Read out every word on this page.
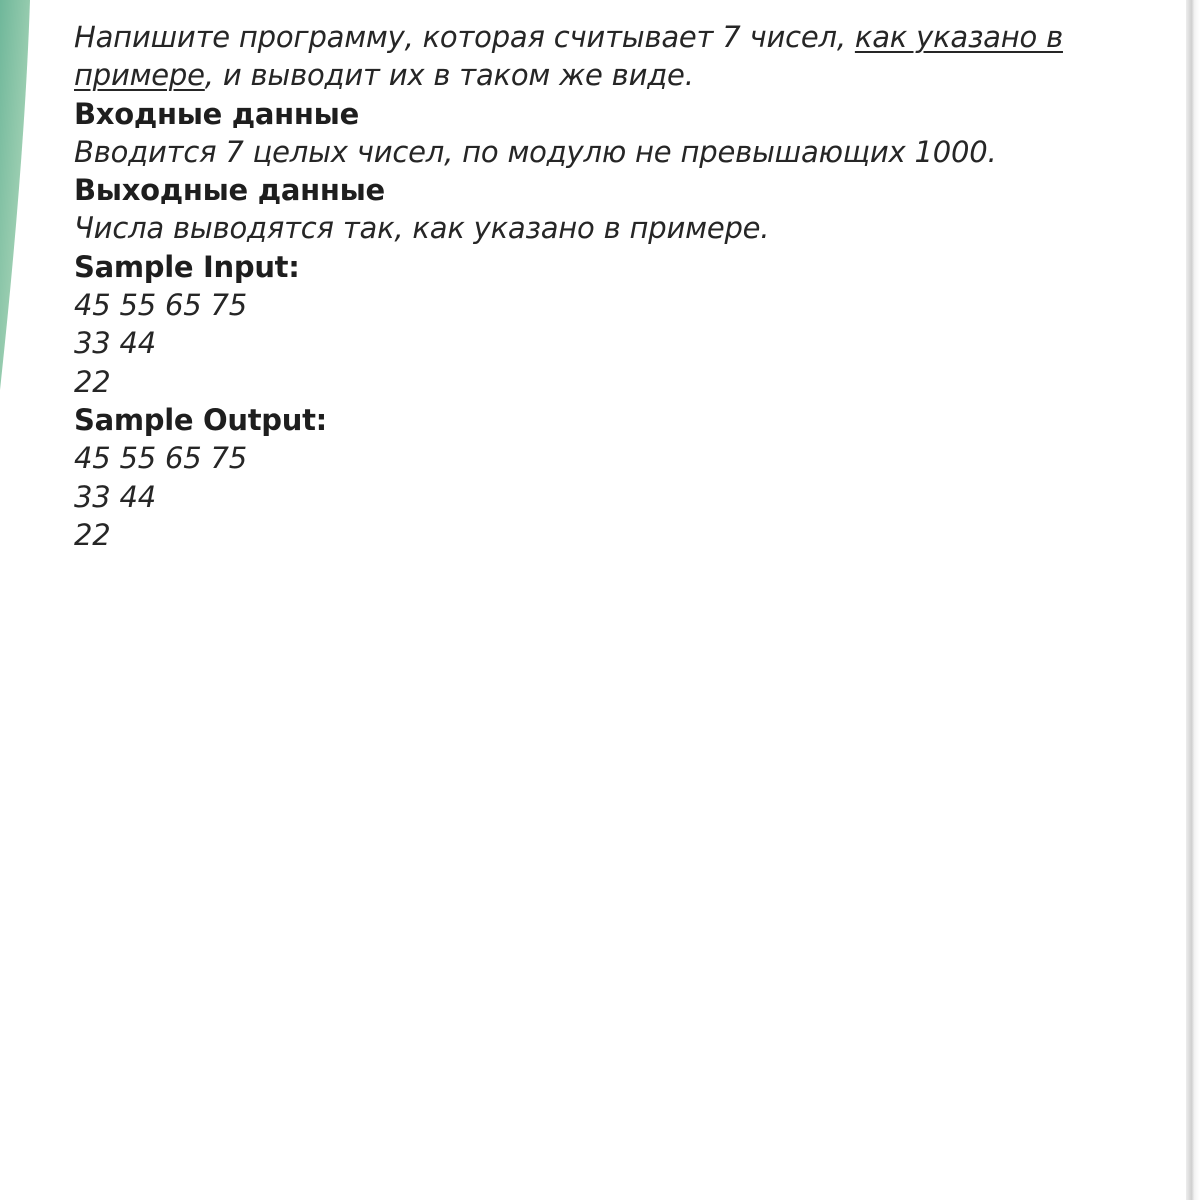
Напишите программу, которая считывает 7 чисел, как указано в

примере, и выводит их в таком же виде.

Входные данные

Вводится 7 целых чисел, по модулю не превышающих 1000.

Выходные данные

Числа выводятся так, как указано в примере.

Sample Input:

45 55 65 75

33 44

22

Sample Output:

45 55 65 75

33 44

22
